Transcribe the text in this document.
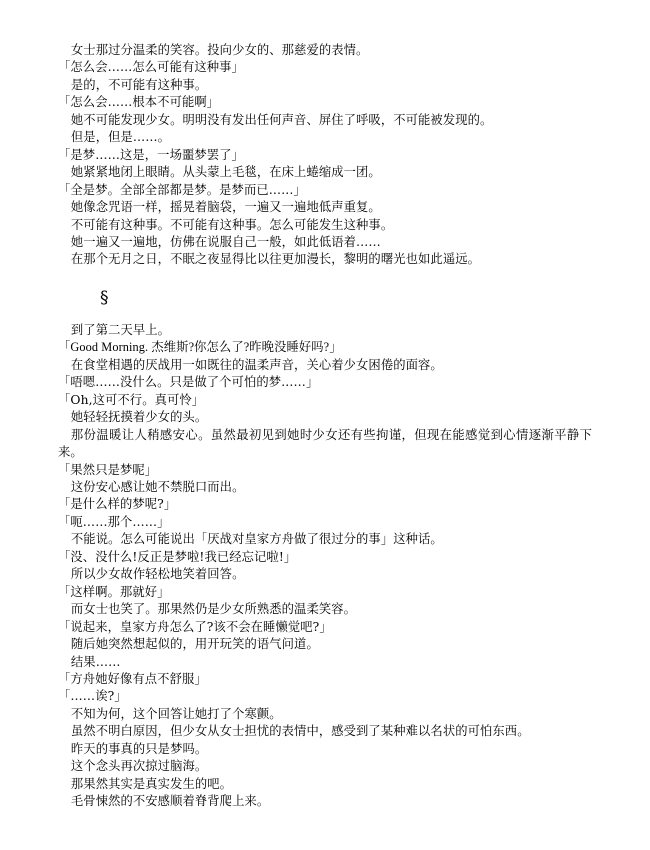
女士那过分温柔的笑容。投向少女的、那慈爱的表情。
「怎么会……怎么可能有这种事」
是的，不可能有这种事。
「怎么会……根本不可能啊」
她不可能发现少女。明明没有发出任何声音、屏住了呼吸，不可能被发现的。
但是，但是……。
「是梦……这是，一场噩梦罢了」
她紧紧地闭上眼睛。从头蒙上毛毯，在床上蜷缩成一团。
「全是梦。全部全部都是梦。是梦而已……」
她像念咒语一样，摇晃着脑袋，一遍又一遍地低声重复。
不可能有这种事。不可能有这种事。怎么可能发生这种事。
她一遍又一遍地，仿佛在说服自己一般，如此低语着……
在那个无月之日，不眠之夜显得比以往更加漫长，黎明的曙光也如此遥远。
§
到了第二天早上。
「Good Morning. 杰维斯?你怎么了?昨晚没睡好吗?」
在食堂相遇的厌战用一如既往的温柔声音，关心着少女困倦的面容。
「唔嗯……没什么。只是做了个可怕的梦……」
「Oh,这可不行。真可怜」
她轻轻抚摸着少女的头。
那份温暖让人稍感安心。虽然最初见到她时少女还有些拘谨，但现在能感觉到心情逐渐平静下来。
「果然只是梦呢」
这份安心感让她不禁脱口而出。
「是什么样的梦呢?」
「呃……那个……」
不能说。怎么可能说出「厌战对皇家方舟做了很过分的事」这种话。
「没、没什么!反正是梦啦!我已经忘记啦!」
所以少女故作轻松地笑着回答。
「这样啊。那就好」
而女士也笑了。那果然仍是少女所熟悉的温柔笑容。
「说起来，皇家方舟怎么了?该不会在睡懒觉吧?」
随后她突然想起似的，用开玩笑的语气问道。
结果……
「方舟她好像有点不舒服」
「……诶?」
不知为何，这个回答让她打了个寒颤。
虽然不明白原因，但少女从女士担忧的表情中，感受到了某种难以名状的可怕东西。
昨天的事真的只是梦吗。
这个念头再次掠过脑海。
那果然其实是真实发生的吧。
毛骨悚然的不安感顺着脊背爬上来。
